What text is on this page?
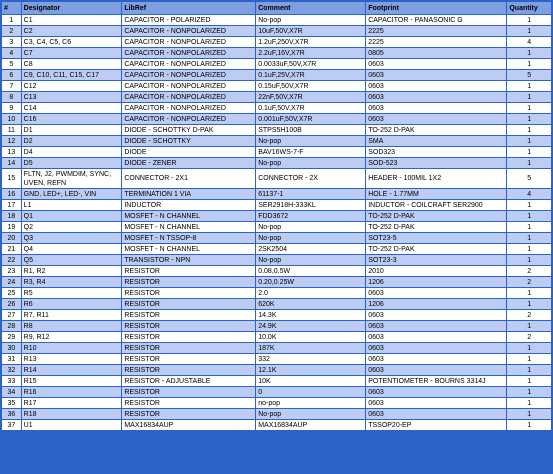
#	Designator	LibRef	Comment	Footprint	Quantity
1	C1	CAPACITOR - POLARIZED	No-pop	CAPACITOR - PANASONIC G	1
2	C2	CAPACITOR - NONPOLARIZED	10uF,50V,X7R	2225	1
3	C3, C4, C5, C6	CAPACITOR - NONPOLARIZED	1.2uF,250V,X7R	2225	4
4	C7	CAPACITOR - NONPOLARIZED	2.2uF,16V,X7R	0805	1
5	C8	CAPACITOR - NONPOLARIZED	0.0033uF,50V,X7R	0603	1
6	C9, C10, C11, C15, C17	CAPACITOR - NONPOLARIZED	0.1uF,25V,X7R	0603	5
7	C12	CAPACITOR - NONPOLARIZED	0.15uF,50V,X7R	0603	1
8	C13	CAPACITOR - NONPOLARIZED	22nF,50V,X7R	0603	1
9	C14	CAPACITOR - NONPOLARIZED	0.1uF,50V,X7R	0603	1
10	C16	CAPACITOR - NONPOLARIZED	0.001uF,50V,X7R	0603	1
11	D1	DIODE - SCHOTTKY D-PAK	STPS5H100B	TO-252 D-PAK	1
12	D2	DIODE - SCHOTTKY	No-pop	SMA	1
13	D4	DIODE	BAV16WS-7-F	SOD323	1
14	D5	DIODE - ZENER	No-pop	SOD-523	1
15	FLTN, J2, PWMDIM, SYNC, UVEN, REFN	CONNECTOR - 2X1	CONNECTOR - 2X	HEADER - 100MIL 1X2	5
16	GND, LED+, LED-, VIN	TERMINATION 1 VIA	61137-1	HOLE - 1.77MM	4
17	L1	INDUCTOR	SER2918H-333KL	INDUCTOR - COILCRAFT SER2900	1
18	Q1	MOSFET - N CHANNEL	FDD3672	TO-252 D-PAK	1
19	Q2	MOSFET - N CHANNEL	No-pop	TO-252 D-PAK	1
20	Q3	MOSFET - N TSSOP-8	No-pop	SOT23-5	1
21	Q4	MOSFET - N CHANNEL	2SK2504	TO-252 D-PAK	1
22	Q5	TRANSISTOR - NPN	No-pop	SOT23-3	1
23	R1, R2	RESISTOR	0.08,0.5W	2010	2
24	R3, R4	RESISTOR	0.20,0.25W	1206	2
25	R5	RESISTOR	2.0	0603	1
26	R6	RESISTOR	620K	1206	1
27	R7, R11	RESISTOR	14.3K	0603	2
28	R8	RESISTOR	24.9K	0603	1
29	R9, R12	RESISTOR	10.0K	0603	2
30	R10	RESISTOR	187K	0603	1
31	R13	RESISTOR	332	0603	1
32	R14	RESISTOR	12.1K	0603	1
33	R15	RESISTOR - ADJUSTABLE	10K	POTENTIOMETER - BOURNS 3314J	1
34	R16	RESISTOR	0	0603	1
35	R17	RESISTOR	no-pop	0603	1
36	R18	RESISTOR	No-pop	0603	1
37	U1	MAX16834AUP	MAX16834AUP	TSSOP20-EP	1
